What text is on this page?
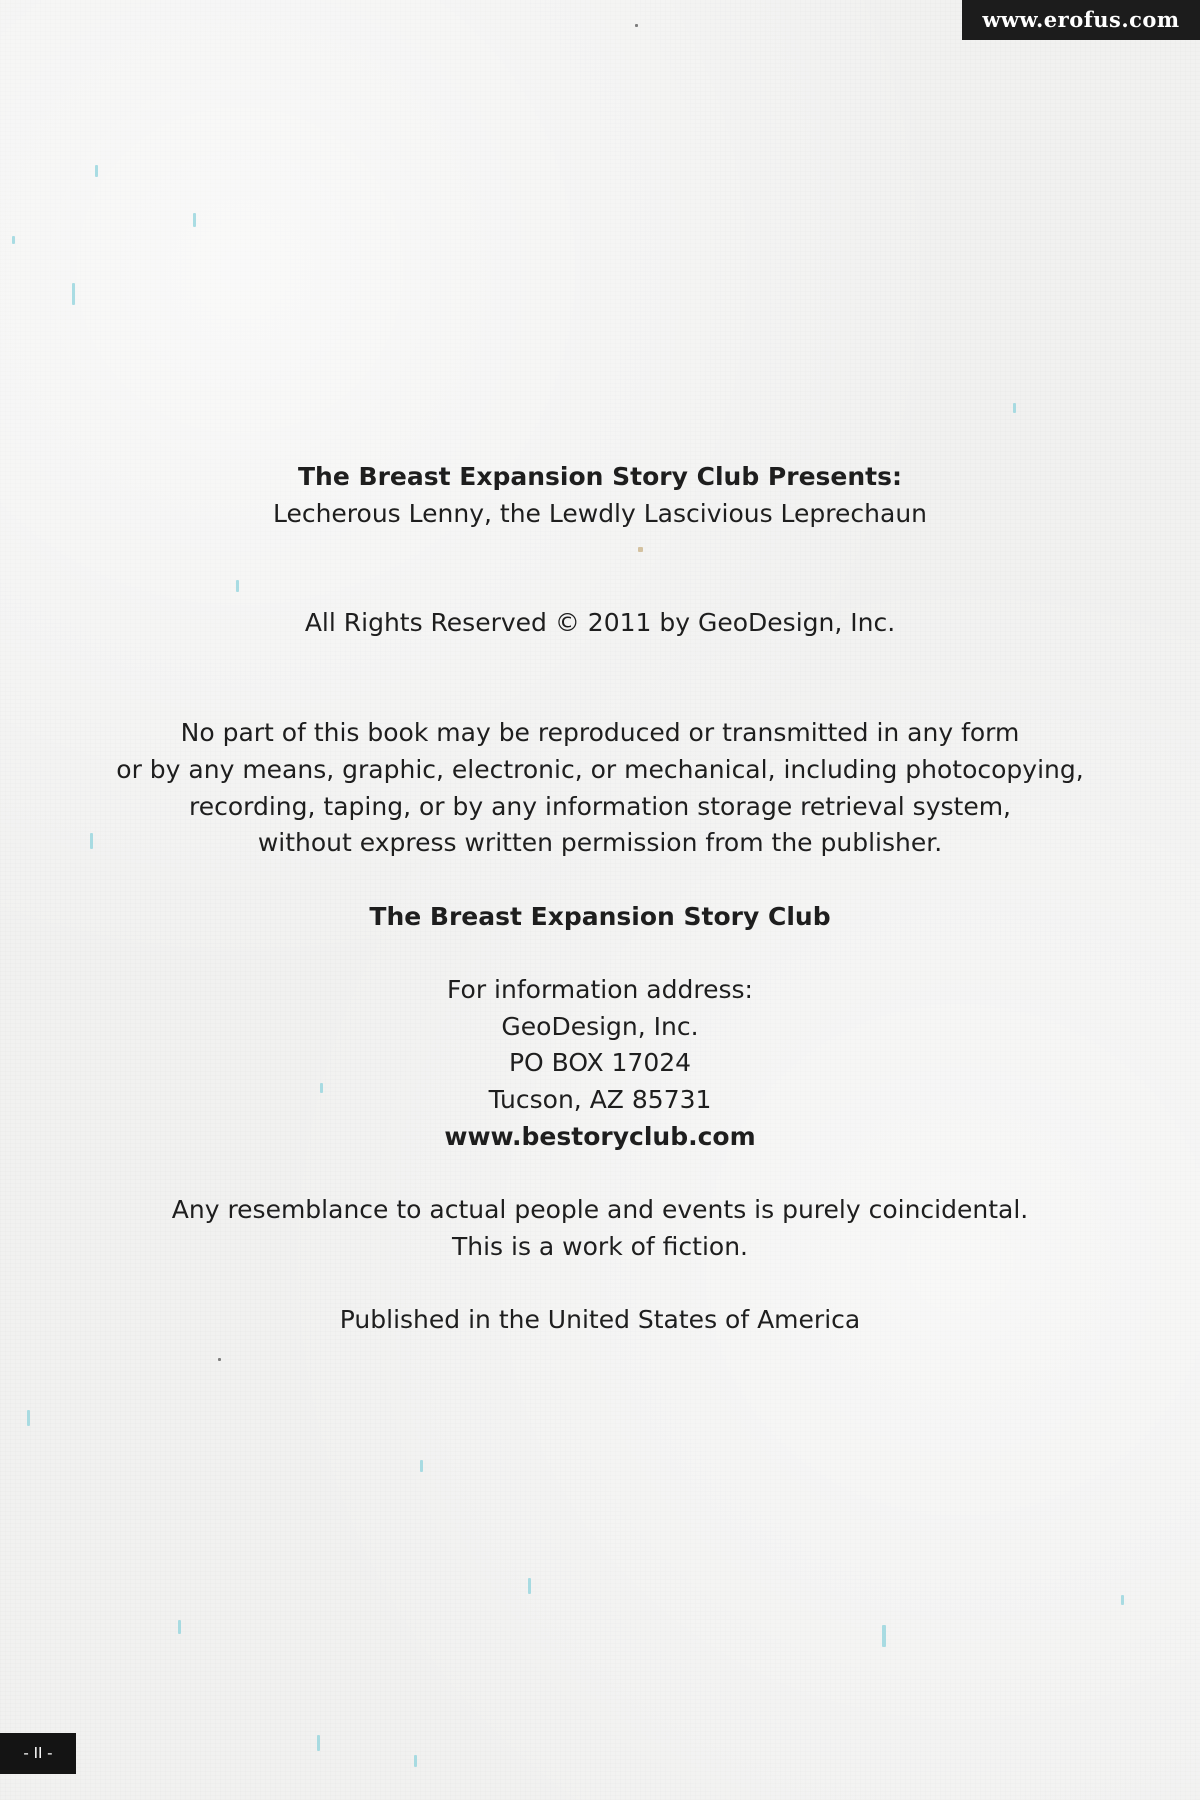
www.erofus.com

The Breast Expansion Story Club Presents:

Lecherous Lenny, the Lewdly Lascivious Leprechaun

All Rights Reserved © 2011 by GeoDesign, Inc.

No part of this book may be reproduced or transmitted in any form

or by any means, graphic, electronic, or mechanical, including photocopying,

recording, taping, or by any information storage retrieval system,

without express written permission from the publisher.

The Breast Expansion Story Club

For information address:

GeoDesign, Inc.

PO BOX 17024

Tucson, AZ 85731

www.bestoryclub.com

Any resemblance to actual people and events is purely coincidental.

This is a work of fiction.

Published in the United States of America

- II -
